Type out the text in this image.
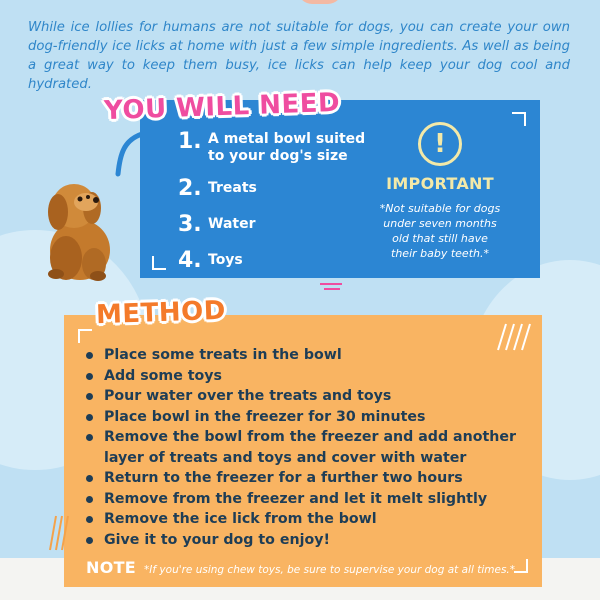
While ice lollies for humans are not suitable for dogs, you can create your own dog-friendly ice licks at home with just a few simple ingredients. As well as being a great way to keep them busy, ice licks can help keep your dog cool and hydrated.

YOU WILL NEED
1. A metal bowl suited to your dog's size
2. Treats
3. Water
4. Toys
!

IMPORTANT

*Not suitable for dogs under seven months old that still have their baby teeth.*

METHOD
Place some treats in the bowl
Add some toys
Pour water over the treats and toys
Place bowl in the freezer for 30 minutes
Remove the bowl from the freezer and add another layer of treats and toys and cover with water
Return to the freezer for a further two hours
Remove from the freezer and let it melt slightly
Remove the ice lick from the bowl
Give it to your dog to enjoy!
NOTE *If you're using chew toys, be sure to supervise your dog at all times.*
